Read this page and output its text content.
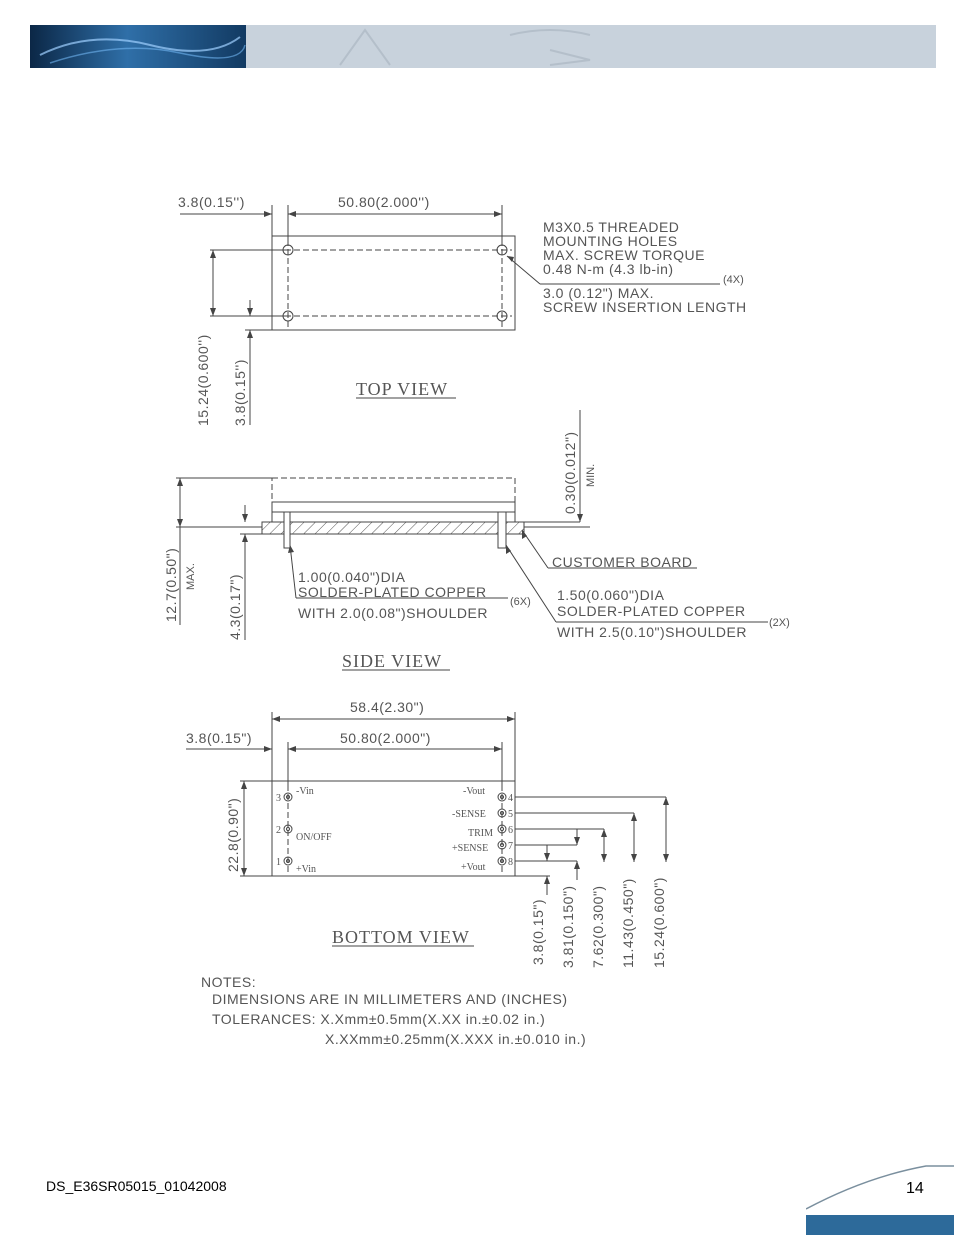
3.8(0.15'')	50.80(2.000'')
15.24(0.600'') 3.8(0.15'')
M3X0.5 THREADED
MOUNTING HOLES
MAX. SCREW TORQUE
0.48 N-m (4.3 lb-in)
(4X)
3.0 (0.12") MAX.
SCREW INSERTION LENGTH
TOP VIEW
12.7(0.50") MAX. 4.3(0.17")
0.30(0.012") MIN.
CUSTOMER BOARD
1.00(0.040")DIA
SOLDER-PLATED COPPER
WITH 2.0(0.08")SHOULDER
(6X) 1.50(0.060")DIA
SOLDER-PLATED COPPER
WITH 2.5(0.10")SHOULDER
(2X)
SIDE VIEW
58.4(2.30")
3.8(0.15")	50.80(2.000")
22.8(0.90")	3
-Vin
2
ON/OFF
1
+Vin
4
-Vout
5
-SENSE
6
TRIM
7
+SENSE
8
+Vout
3.8(0.15") 3.81(0.150") 7.62(0.300") 11.43(0.450") 15.24(0.600")
BOTTOM VIEW
NOTES:
DIMENSIONS ARE IN MILLIMETERS AND (INCHES)
TOLERANCES: X.Xmm±0.5mm(X.XX in.±0.02 in.)
X.XXmm±0.25mm(X.XXX in.±0.010 in.)
DS_E36SR05015_01042008	14
